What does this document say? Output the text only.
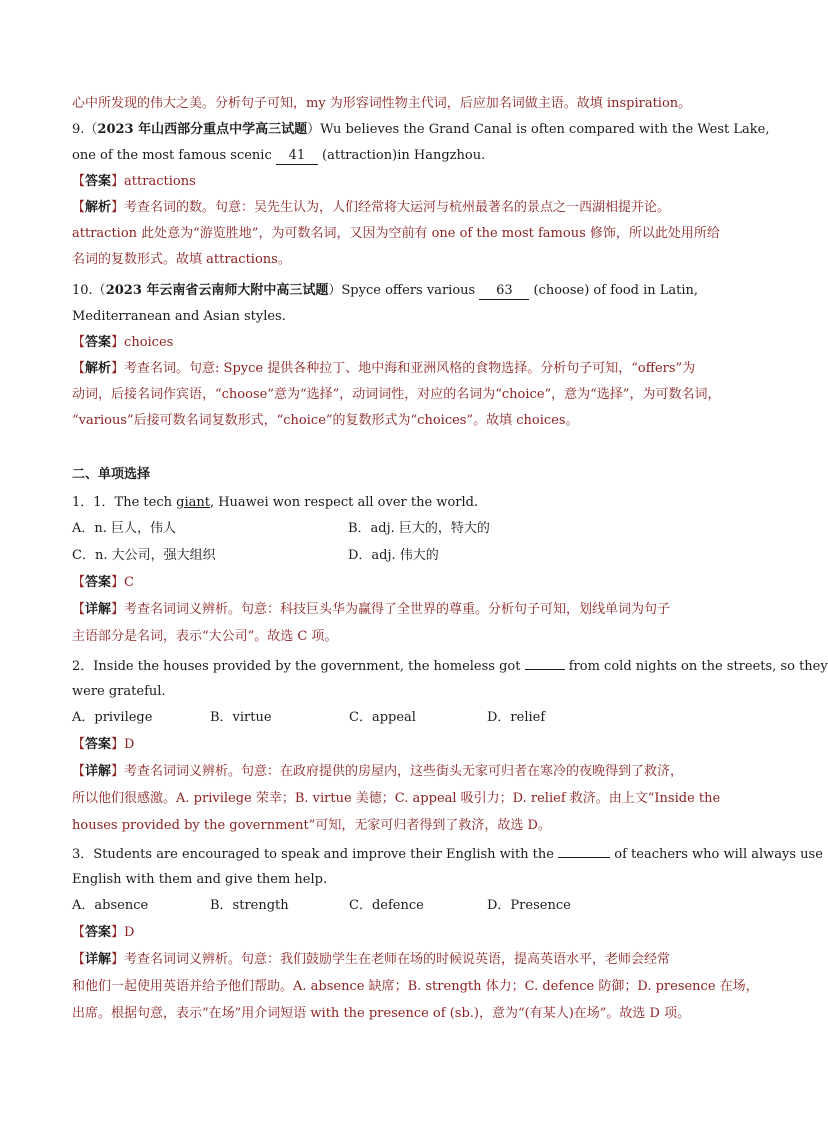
心中所发现的伟大之美。分析句子可知，my 为形容词性物主代词，后应加名词做主语。故填 inspiration。
9.（2023 年山西部分重点中学高三试题）Wu believes the Grand Canal is often compared with the West Lake,
one of the most famous scenic 41 (attraction)in Hangzhou.
【答案】attractions
【解析】考查名词的数。句意：吴先生认为，人们经常将大运河与杭州最著名的景点之一西湖相提并论。
attraction 此处意为“游览胜地”，为可数名词，又因为空前有 one of the most famous 修饰，所以此处用所给
名词的复数形式。故填 attractions。
10.（2023 年云南省云南师大附中高三试题）Spyce offers various 63 (choose) of food in Latin,
Mediterranean and Asian styles.
【答案】choices
【解析】考查名词。句意: Spyce 提供各种拉丁、地中海和亚洲风格的食物选择。分析句子可知，“offers”为
动词，后接名词作宾语，“choose”意为“选择”，动词词性，对应的名词为“choice”，意为“选择”，为可数名词，
“various”后接可数名词复数形式，“choice”的复数形式为“choices”。故填 choices。
二、单项选择
1．1．The tech giant, Huawei won respect all over the world.
A．n. 巨人，伟人	B．adj. 巨大的，特大的
C．n. 大公司，强大组织	D．adj. 伟大的
【答案】C
【详解】考查名词词义辨析。句意：科技巨头华为赢得了全世界的尊重。分析句子可知，划线单词为句子
主语部分是名词，表示“大公司”。故选 C 项。
2．Inside the houses provided by the government, the homeless got	from cold nights on the streets, so they
were grateful.
A．privilege	B．virtue	C．appeal	D．relief
【答案】D
【详解】考查名词词义辨析。句意：在政府提供的房屋内，这些街头无家可归者在寒冷的夜晚得到了救济，
所以他们很感激。A. privilege 荣幸；B. virtue 美德；C. appeal 吸引力；D. relief 救济。由上文“Inside the
houses provided by the government”可知，无家可归者得到了救济，故选 D。
3．Students are encouraged to speak and improve their English with the	of teachers who will always use
English with them and give them help.
A．absence	B．strength	C．defence	D．Presence
【答案】D
【详解】考查名词词义辨析。句意：我们鼓励学生在老师在场的时候说英语，提高英语水平，老师会经常
和他们一起使用英语并给予他们帮助。A. absence 缺席；B. strength 体力；C. defence 防御；D. presence 在场，
出席。根据句意，表示“在场”用介词短语 with the presence of (sb.)，意为“(有某人)在场”。故选 D 项。
